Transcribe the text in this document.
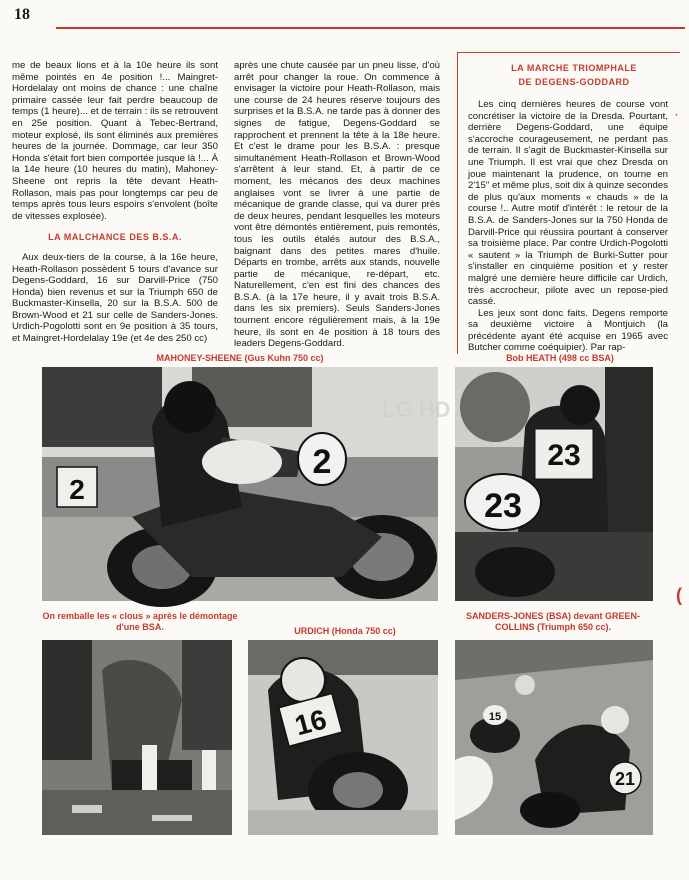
18

me de beaux lions et à la 10e heure ils sont même pointés en 4e position !... Maingret-Hordelalay ont moins de chance : une chaîne primaire cassée leur fait perdre beaucoup de temps (1 heure)... et de terrain : ils se retrouvent en 25e position. Quant à Tebec-Bertrand, moteur explosé, ils sont éliminés aux premières heures de la journée. Dommage, car leur 350 Honda s'était fort bien comportée jusque là !... À la 14e heure (10 heures du matin), Mahoney-Sheene ont repris la tête devant Heath-Rollason, mais pas pour longtemps car peu de temps après tous leurs espoirs s'envolent (boîte de vitesses explosée).

LA MALCHANCE DES B.S.A.

Aux deux-tiers de la course, à la 16e heure, Heath-Rollason possèdent 5 tours d'avance sur Degens-Goddard, 16 sur Darvill-Price (750 Honda) bien revenus et sur la Triumph 650 de Buckmaster-Kinsella, 20 sur la B.S.A. 500 de Brown-Wood et 21 sur celle de Sanders-Jones. Urdich-Pogolotti sont en 9e position à 35 tours, et Maingret-Hordelalay 19e (et 4e des 250 cc)

après une chute causée par un pneu lisse, d'où arrêt pour changer la roue. On commence à envisager la victoire pour Heath-Rollason, mais une course de 24 heures réserve toujours des surprises et la B.S.A. ne tarde pas à donner des signes de fatigue, Degens-Goddard se rapprochent et prennent la tête à la 18e heure. Et c'est le drame pour les B.S.A. : presque simultanément Heath-Rollason et Brown-Wood s'arrêtent à leur stand. Et, à partir de ce moment, les mécanos des deux machines anglaises vont se livrer à une partie de mécanique de grande classe, qui va durer près de deux heures, pendant lesquelles les moteurs vont être démontés entièrement, puis remontés, tous les outils étalés autour des B.S.A., baignant dans des petites mares d'huile. Départs en trombe, arrêts aux stands, nouvelle partie de mécanique, re-départ, etc. Naturellement, c'en est fini des chances des B.S.A. (à la 17e heure, il y avait trois B.S.A. dans les six premiers). Seuls Sanders-Jones tournent encore régulièrement mais, à la 19e heure, ils sont en 4e position à 18 tours des leaders Degens-Goddard.

LA MARCHE TRIOMPHALE
DE DEGENS-GODDARD

Les cinq dernières heures de course vont concrétiser la victoire de la Dresda. Pourtant, derrière Degens-Goddard, une équipe s'accroche courageusement, ne perdant pas de terrain. Il s'agit de Buckmaster-Kinsella sur une Triumph. Il est vrai que chez Dresda on joue maintenant la prudence, on tourne en 2'15" et même plus, soit dix à quinze secondes de plus qu'aux moments « chauds » de la course !.. Autre motif d'intérêt : le retour de la B.S.A. de Sanders-Jones sur la 750 Honda de Darvill-Price qui réussira pourtant à conserver sa troisième place. Par contre Urdich-Pogolotti « sautent » la Triumph de Burki-Sutter pour s'installer en cinquième position et y rester malgré une dernière heure difficile car Urdich, très accrocheur, pilote avec un repose-pied cassé.

Les jeux sont donc faits. Degens remporte sa deuxième victoire à Montjuich (la précédente ayant été acquise en 1965 avec Butcher comme coéquipier). Par rap-

MAHONEY-SHEENE (Gus Kuhn 750 cc)	Bob HEATH (498 cc BSA)
2
2
LG HD
23
23
On remballe les « clous » après le démontage d'une BSA.	URDICH (Honda 750 cc)
SANDERS-JONES (BSA) devant GREEN-COLLINS (Triumph 650 cc).
16	15
21
·
(
